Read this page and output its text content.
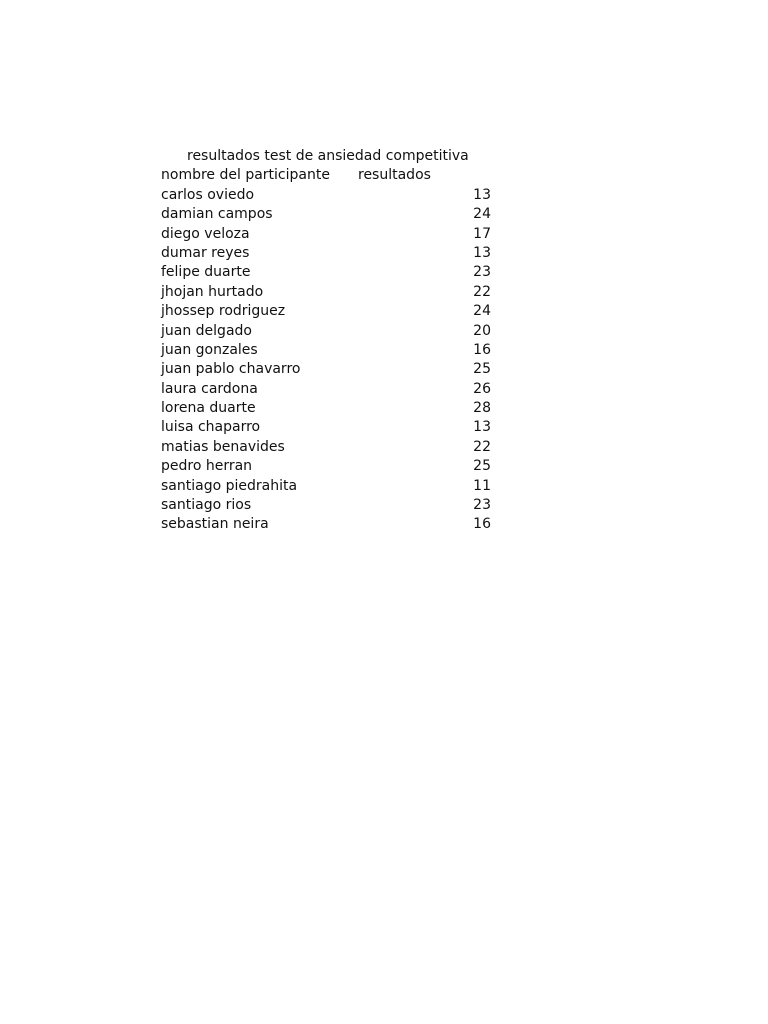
resultados test de ansiedad competitiva
nombre del participante resultados
carlos oviedo	13
damian campos	24
diego veloza	17
dumar reyes	13
felipe duarte	23
jhojan hurtado	22
jhossep rodriguez	24
juan delgado	20
juan gonzales	16
juan pablo chavarro	25
laura cardona	26
lorena duarte	28
luisa chaparro	13
matias benavides	22
pedro herran	25
santiago piedrahita	11
santiago rios	23
sebastian neira	16
